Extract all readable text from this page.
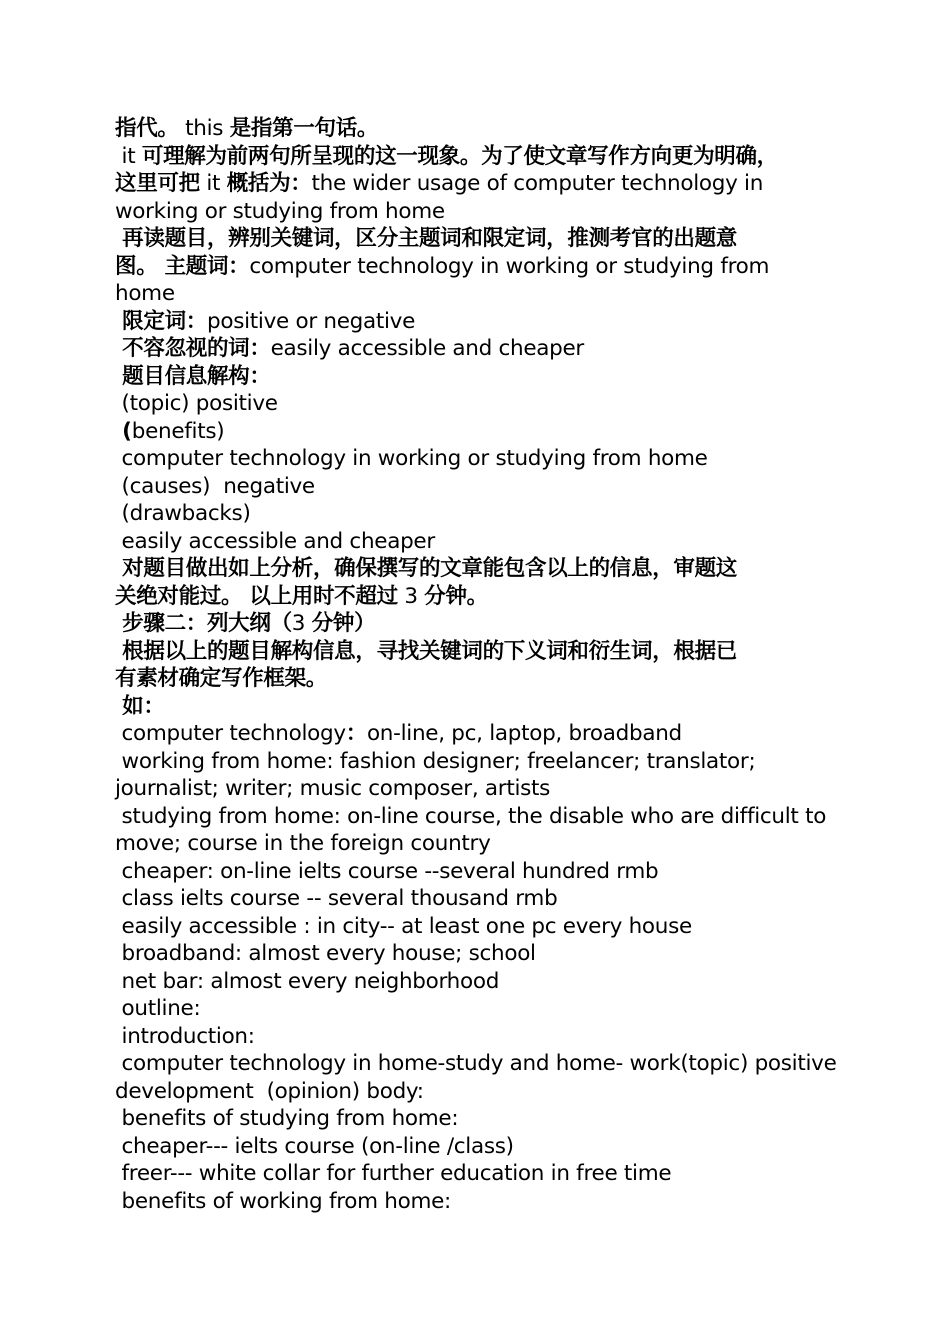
指代。 this 是指第一句话。
it 可理解为前两句所呈现的这一现象。为了使文章写作方向更为明确，
这里可把 it 概括为：the wider usage of computer technology in
working or studying from home
再读题目，辨别关键词，区分主题词和限定词，推测考官的出题意
图。 主题词：computer technology in working or studying from
home
限定词：positive or negative
不容忽视的词：easily accessible and cheaper
题目信息解构：
(topic) positive
(benefits)
computer technology in working or studying from home
(causes)  negative
(drawbacks)
easily accessible and cheaper
对题目做出如上分析，确保撰写的文章能包含以上的信息，审题这
关绝对能过。 以上用时不超过 3 分钟。
步骤二：列大纲（3 分钟）
根据以上的题目解构信息，寻找关键词的下义词和衍生词，根据已
有素材确定写作框架。
如：
computer technology：on-line, pc, laptop, broadband
working from home: fashion designer; freelancer; translator;
journalist; writer; music composer, artists
studying from home: on-line course, the disable who are difficult to
move; course in the foreign country
cheaper: on-line ielts course --several hundred rmb
class ielts course -- several thousand rmb
easily accessible : in city-- at least one pc every house
broadband: almost every house; school
net bar: almost every neighborhood
outline:
introduction:
computer technology in home-study and home- work(topic) positive
development  (opinion) body:
benefits of studying from home:
cheaper--- ielts course (on-line /class)
freer--- white collar for further education in free time
benefits of working from home:
